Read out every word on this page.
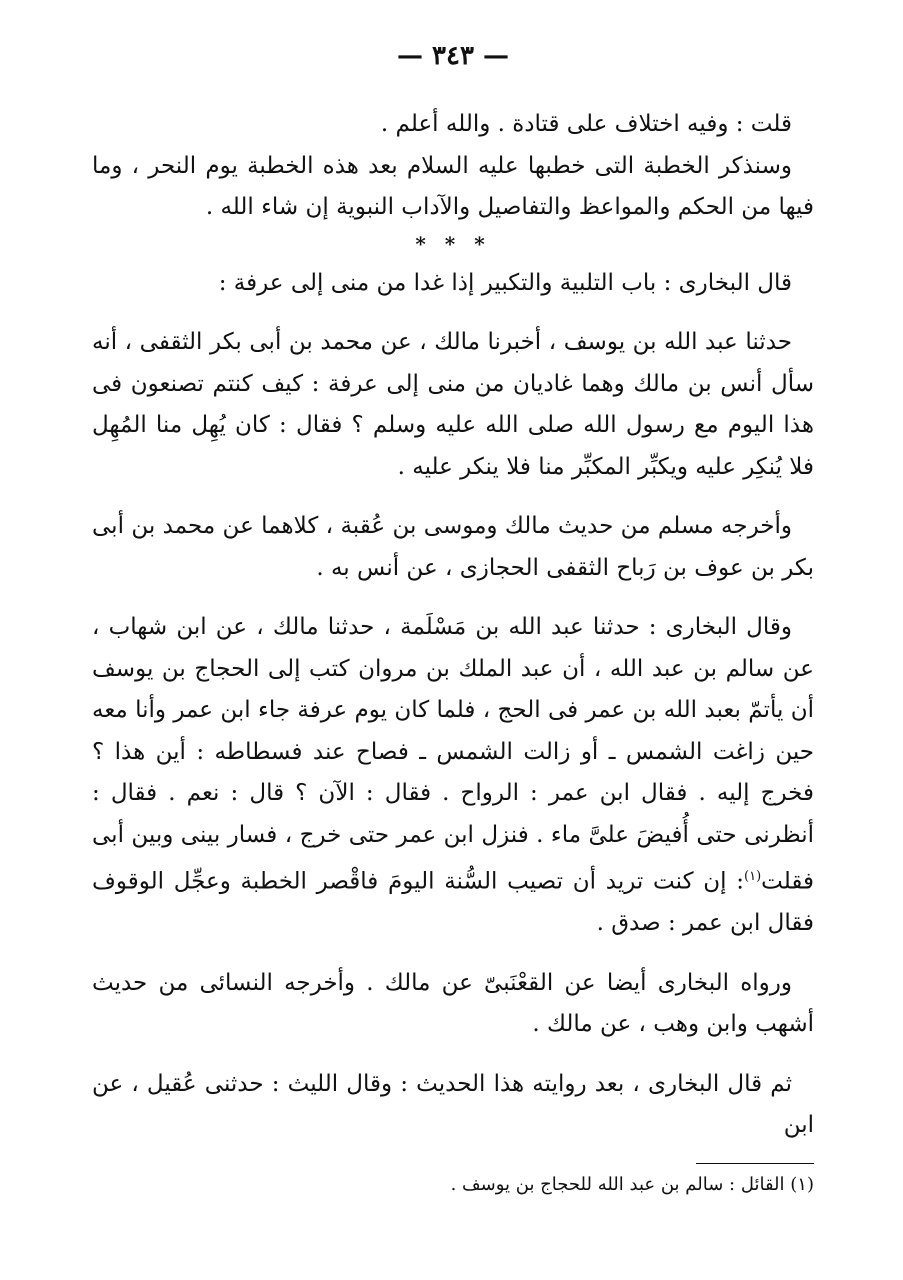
— ٣٤٣ —

قلت : وفيه اختلاف على قتادة . والله أعلم .

وسنذكر الخطبة التى خطبها عليه السلام بعد هذه الخطبة يوم النحر ، وما فيها من الحكم والمواعظ والتفاصيل والآداب النبوية إن شاء الله .

* * *

قال البخارى : باب التلبية والتكبير إذا غدا من منى إلى عرفة :

حدثنا عبد الله بن يوسف ، أخبرنا مالك ، عن محمد بن أبى بكر الثقفى ، أنه سأل أنس بن مالك وهما غاديان من منى إلى عرفة : كيف كنتم تصنعون فى هذا اليوم مع رسول الله صلى الله عليه وسلم ؟ فقال : كان يُهِل منا المُهِل فلا يُنكِر عليه ويكبِّر المكبِّر منا فلا ينكر عليه .

وأخرجه مسلم من حديث مالك وموسى بن عُقبة ، كلاهما عن محمد بن أبى بكر بن عوف بن رَباح الثقفى الحجازى ، عن أنس به .

وقال البخارى : حدثنا عبد الله بن مَسْلَمة ، حدثنا مالك ، عن ابن شهاب ، عن سالم بن عبد الله ، أن عبد الملك بن مروان كتب إلى الحجاج بن يوسف أن يأتمّ بعبد الله بن عمر فى الحج ، فلما كان يوم عرفة جاء ابن عمر وأنا معه حين زاغت الشمس ـ أو زالت الشمس ـ فصاح عند فسطاطه : أين هذا ؟ فخرج إليه . فقال ابن عمر : الرواح . فقال : الآن ؟ قال : نعم . فقال : أنظرنى حتى أُفيضَ علىَّ ماء . فنزل ابن عمر حتى خرج ، فسار بينى وبين أبى فقلت$^{(١)}$: إن كنت تريد أن تصيب السُّنة اليومَ فاقْصر الخطبة وعجِّل الوقوف فقال ابن عمر : صدق .

ورواه البخارى أيضا عن القعْنَبىّ عن مالك . وأخرجه النسائى من حديث أشهب وابن وهب ، عن مالك .

ثم قال البخارى ، بعد روايته هذا الحديث : وقال الليث : حدثنى عُقيل ، عن ابن

(١) القائل : سالم بن عبد الله للحجاج بن يوسف .
